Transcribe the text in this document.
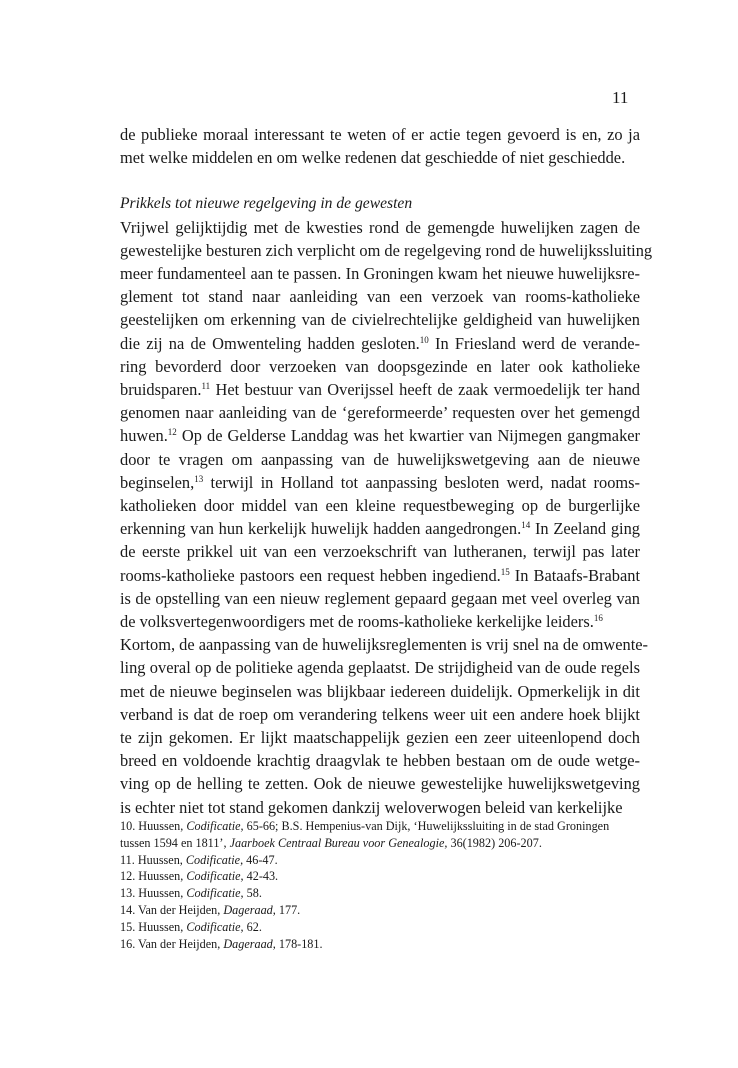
11
de publieke moraal interessant te weten of er actie tegen gevoerd is en, zo ja
met welke middelen en om welke redenen dat geschiedde of niet geschiedde.
Prikkels tot nieuwe regelgeving in de gewesten
Vrijwel gelijktijdig met de kwesties rond de gemengde huwelijken zagen de
gewestelijke besturen zich verplicht om de regelgeving rond de huwelijkssluiting
meer fundamenteel aan te passen. In Groningen kwam het nieuwe huwelijksre-
glement tot stand naar aanleiding van een verzoek van rooms-katholieke
geestelijken om erkenning van de civielrechtelijke geldigheid van huwelijken
die zij na de Omwenteling hadden gesloten.$^{10}$ In Friesland werd de verande-
ring bevorderd door verzoeken van doopsgezinde en later ook katholieke
bruidsparen.$^{11}$ Het bestuur van Overijssel heeft de zaak vermoedelijk ter hand
genomen naar aanleiding van de ‘gereformeerde’ requesten over het gemengd
huwen.$^{12}$ Op de Gelderse Landdag was het kwartier van Nijmegen gangmaker
door te vragen om aanpassing van de huwelijkswetgeving aan de nieuwe
beginselen,$^{13}$ terwijl in Holland tot aanpassing besloten werd, nadat rooms-
katholieken door middel van een kleine requestbeweging op de burgerlijke
erkenning van hun kerkelijk huwelijk hadden aangedrongen.$^{14}$ In Zeeland ging
de eerste prikkel uit van een verzoekschrift van lutheranen, terwijl pas later
rooms-katholieke pastoors een request hebben ingediend.$^{15}$ In Bataafs-Brabant
is de opstelling van een nieuw reglement gepaard gegaan met veel overleg van
de volksvertegenwoordigers met de rooms-katholieke kerkelijke leiders.$^{16}$
Kortom, de aanpassing van de huwelijksreglementen is vrij snel na de omwente-
ling overal op de politieke agenda geplaatst. De strijdigheid van de oude regels
met de nieuwe beginselen was blijkbaar iedereen duidelijk. Opmerkelijk in dit
verband is dat de roep om verandering telkens weer uit een andere hoek blijkt
te zijn gekomen. Er lijkt maatschappelijk gezien een zeer uiteenlopend doch
breed en voldoende krachtig draagvlak te hebben bestaan om de oude wetge-
ving op de helling te zetten. Ook de nieuwe gewestelijke huwelijkswetgeving
is echter niet tot stand gekomen dankzij weloverwogen beleid van kerkelijke
10. Huussen, Codificatie, 65-66; B.S. Hempenius-van Dijk, ‘Huwelijkssluiting in de stad Groningen
tussen 1594 en 1811’, Jaarboek Centraal Bureau voor Genealogie, 36(1982) 206-207.
11. Huussen, Codificatie, 46-47.
12. Huussen, Codificatie, 42-43.
13. Huussen, Codificatie, 58.
14. Van der Heijden, Dageraad, 177.
15. Huussen, Codificatie, 62.
16. Van der Heijden, Dageraad, 178-181.
